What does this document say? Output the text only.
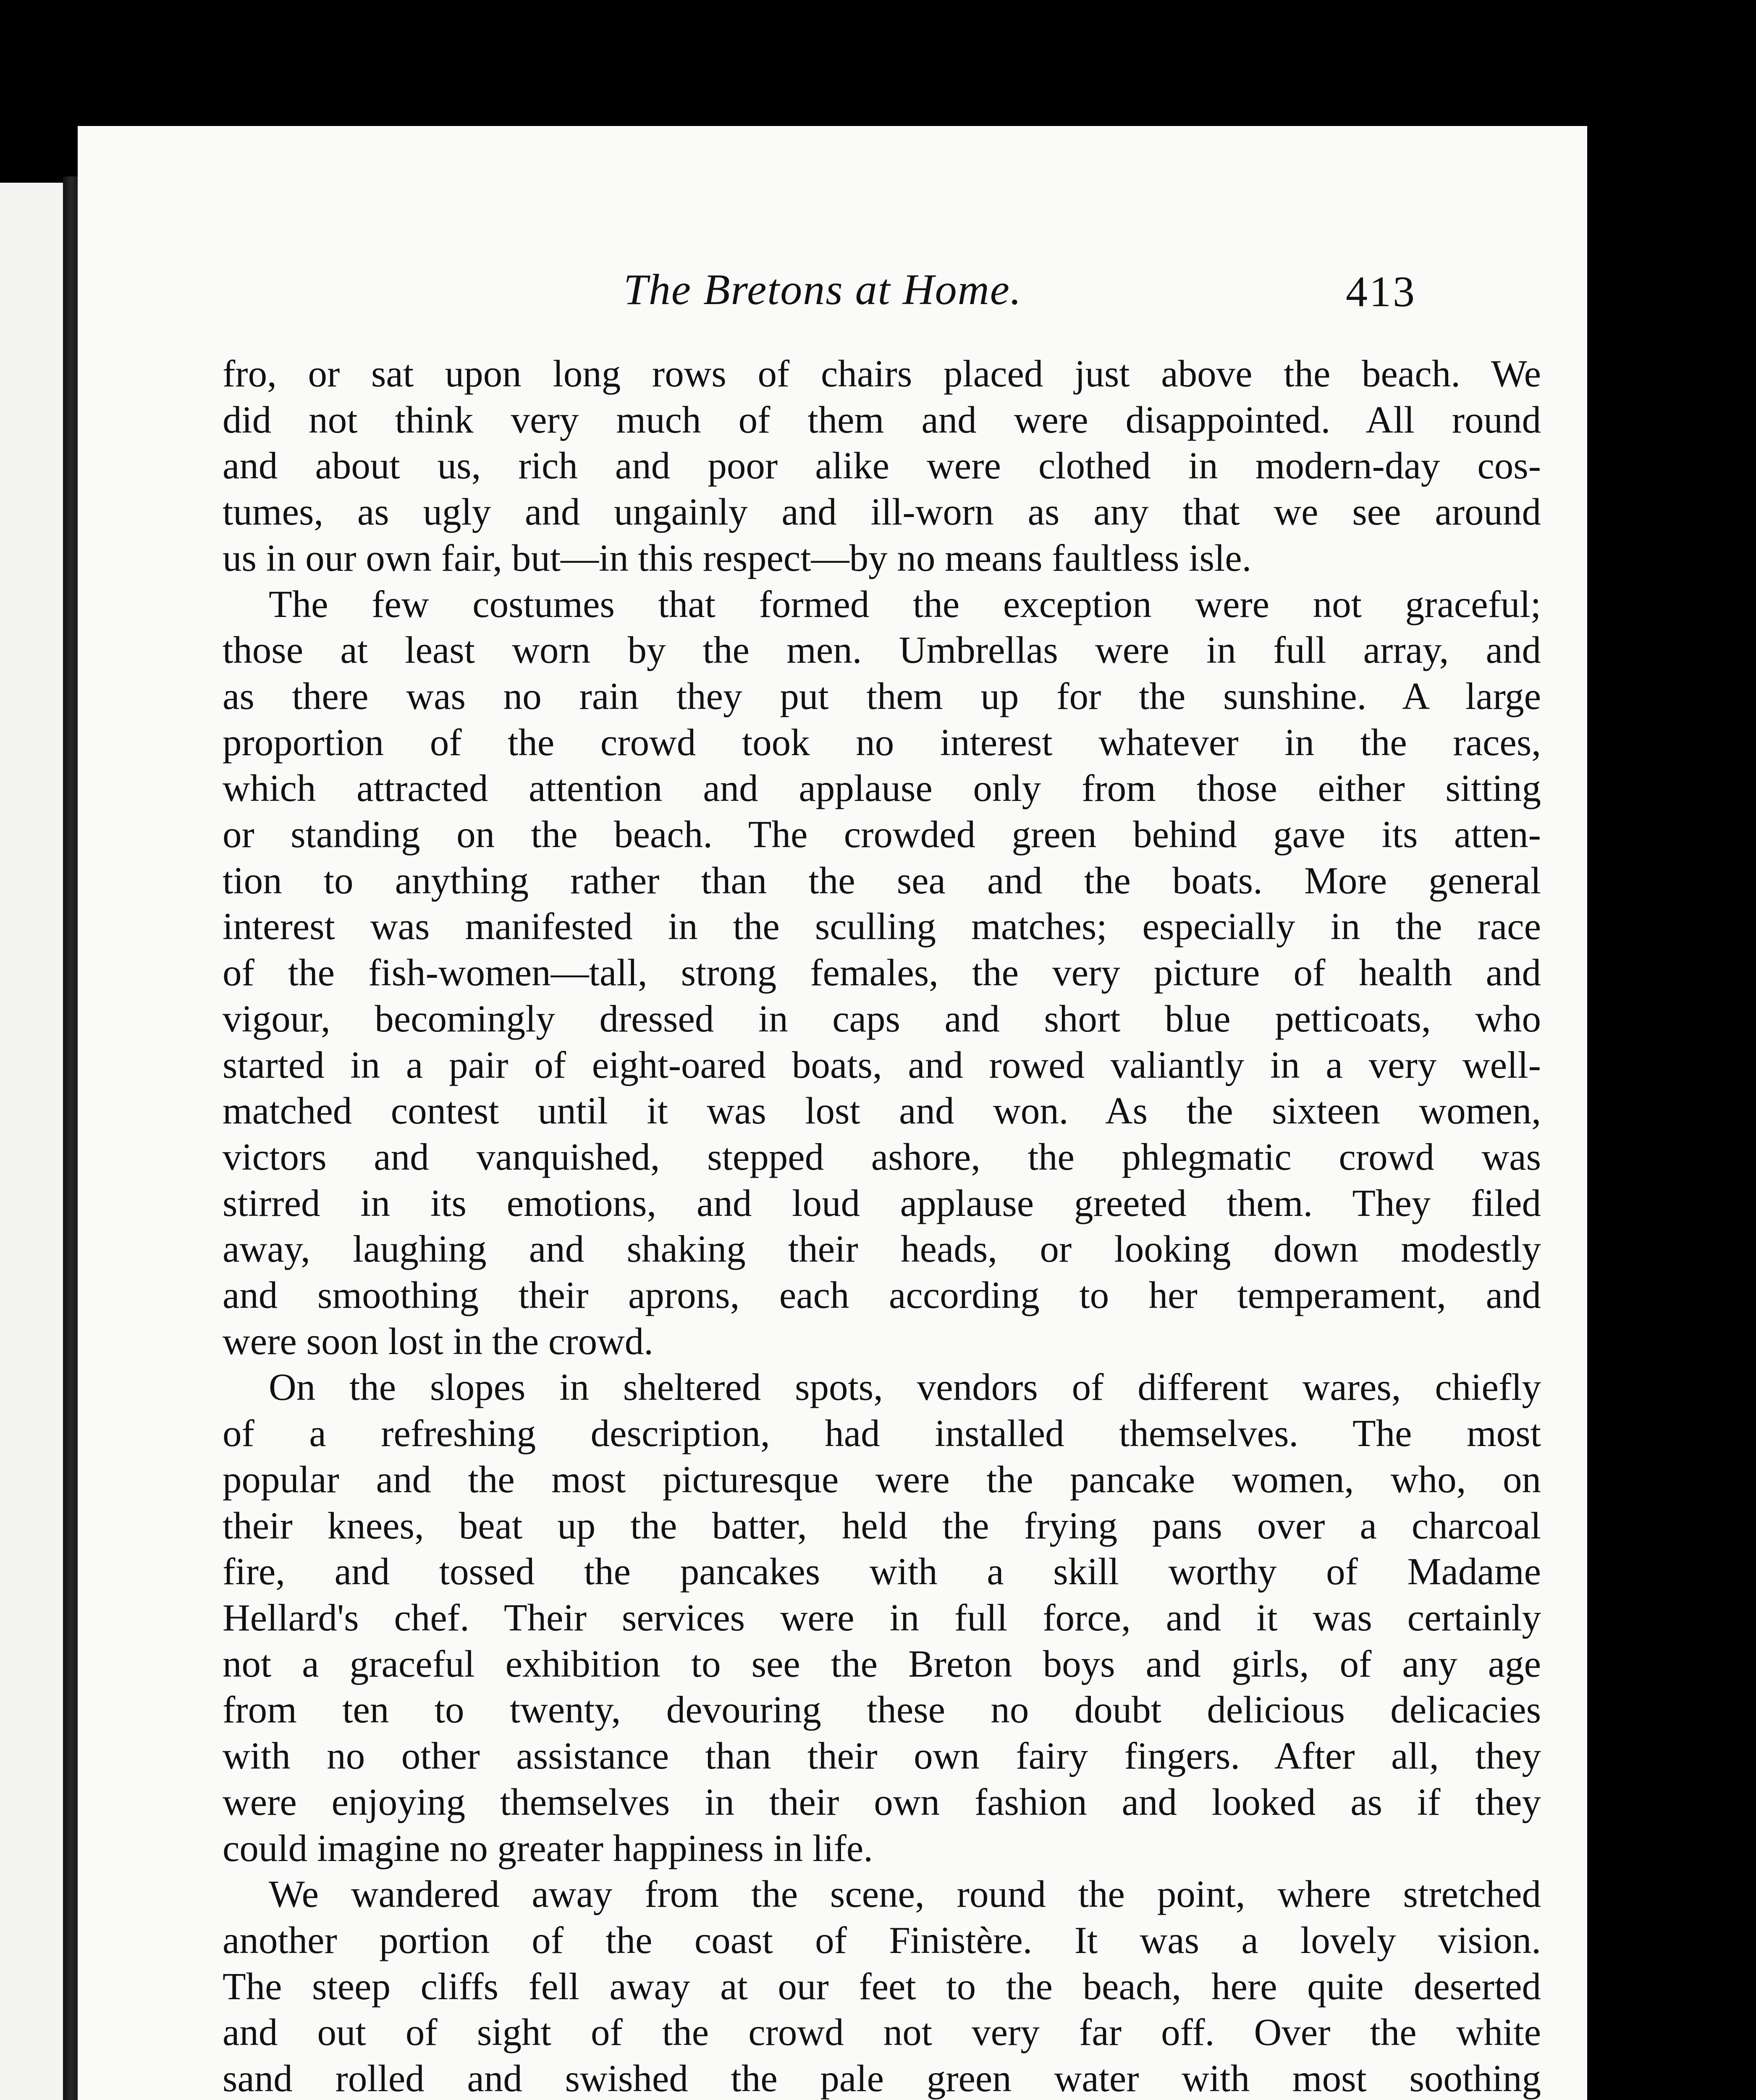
The Bretons at Home.	413
fro, or sat upon long rows of chairs placed just above the beach. We
did not think very much of them and were disappointed. All round
and about us, rich and poor alike were clothed in modern-day cos-
tumes, as ugly and ungainly and ill-worn as any that we see around
us in our own fair, but—in this respect—by no means faultless isle.
The few costumes that formed the exception were not graceful;
those at least worn by the men. Umbrellas were in full array, and
as there was no rain they put them up for the sunshine. A large
proportion of the crowd took no interest whatever in the races,
which attracted attention and applause only from those either sitting
or standing on the beach. The crowded green behind gave its atten-
tion to anything rather than the sea and the boats. More general
interest was manifested in the sculling matches; especially in the race
of the fish-women—tall, strong females, the very picture of health and
vigour, becomingly dressed in caps and short blue petticoats, who
started in a pair of eight-oared boats, and rowed valiantly in a very well-
matched contest until it was lost and won. As the sixteen women,
victors and vanquished, stepped ashore, the phlegmatic crowd was
stirred in its emotions, and loud applause greeted them. They filed
away, laughing and shaking their heads, or looking down modestly
and smoothing their aprons, each according to her temperament, and
were soon lost in the crowd.
On the slopes in sheltered spots, vendors of different wares, chiefly
of a refreshing description, had installed themselves. The most
popular and the most picturesque were the pancake women, who, on
their knees, beat up the batter, held the frying pans over a charcoal
fire, and tossed the pancakes with a skill worthy of Madame
Hellard's chef. Their services were in full force, and it was certainly
not a graceful exhibition to see the Breton boys and girls, of any age
from ten to twenty, devouring these no doubt delicious delicacies
with no other assistance than their own fairy fingers. After all, they
were enjoying themselves in their own fashion and looked as if they
could imagine no greater happiness in life.
We wandered away from the scene, round the point, where stretched
another portion of the coast of Finistère. It was a lovely vision.
The steep cliffs fell away at our feet to the beach, here quite deserted
and out of sight of the crowd not very far off. Over the white
sand rolled and swished the pale green water with most soothing
